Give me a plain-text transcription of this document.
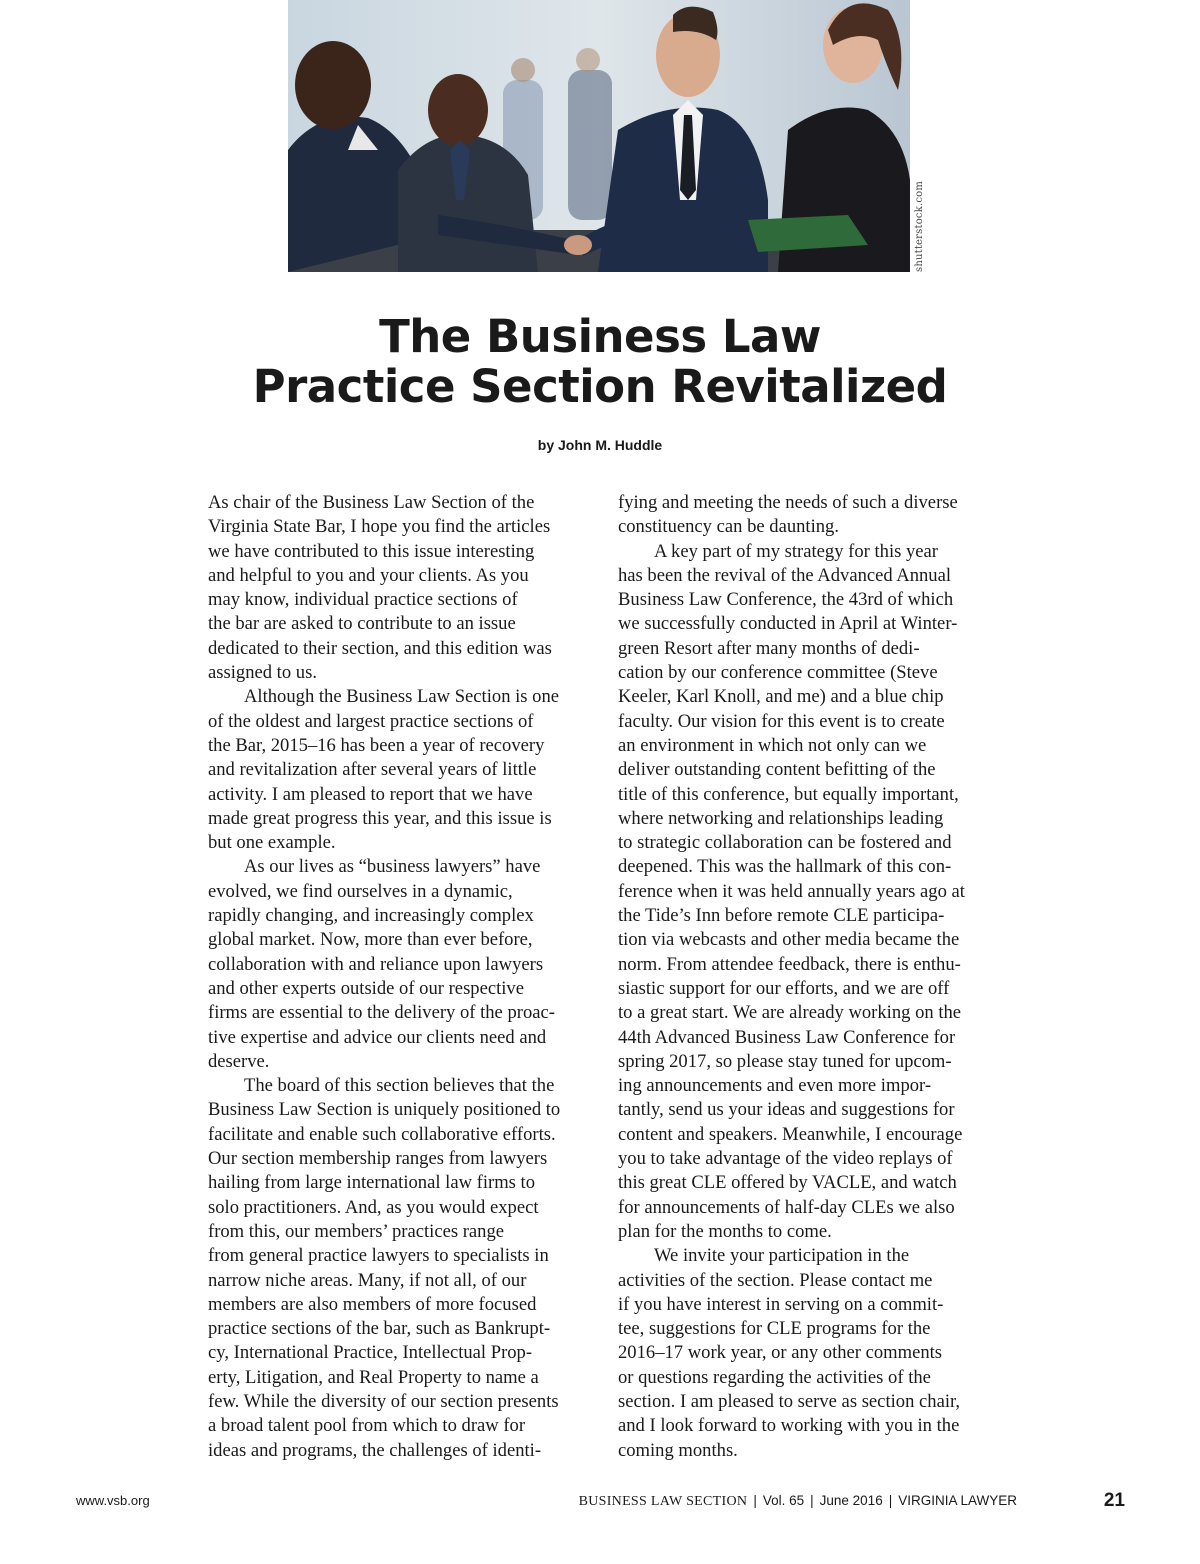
shutterstock.com
The Business Law
Practice Section Revitalized
by John M. Huddle

As chair of the Business Law Section of the
Virginia State Bar, I hope you find the articles
we have contributed to this issue interesting
and helpful to you and your clients. As you
may know, individual practice sections of
the bar are asked to contribute to an issue
dedicated to their section, and this edition was
assigned to us.

Although the Business Law Section is one
of the oldest and largest practice sections of
the Bar, 2015–16 has been a year of recovery
and revitalization after several years of little
activity. I am pleased to report that we have
made great progress this year, and this issue is
but one example.

As our lives as “business lawyers” have
evolved, we find ourselves in a dynamic,
rapidly changing, and increasingly complex
global market. Now, more than ever before,
collaboration with and reliance upon lawyers
and other experts outside of our respective
firms are essential to the delivery of the proac-
tive expertise and advice our clients need and
deserve.

The board of this section believes that the
Business Law Section is uniquely positioned to
facilitate and enable such collaborative efforts.
Our section membership ranges from lawyers
hailing from large international law firms to
solo practitioners. And, as you would expect
from this, our members’ practices range
from general practice lawyers to specialists in
narrow niche areas. Many, if not all, of our
members are also members of more focused
practice sections of the bar, such as Bankrupt-
cy, International Practice, Intellectual Prop-
erty, Litigation, and Real Property to name a
few. While the diversity of our section presents
a broad talent pool from which to draw for
ideas and programs, the challenges of identi-

fying and meeting the needs of such a diverse
constituency can be daunting.

A key part of my strategy for this year
has been the revival of the Advanced Annual
Business Law Conference, the 43rd of which
we successfully conducted in April at Winter-
green Resort after many months of dedi-
cation by our conference committee (Steve
Keeler, Karl Knoll, and me) and a blue chip
faculty. Our vision for this event is to create
an environment in which not only can we
deliver outstanding content befitting of the
title of this conference, but equally important,
where networking and relationships leading
to strategic collaboration can be fostered and
deepened. This was the hallmark of this con-
ference when it was held annually years ago at
the Tide’s Inn before remote CLE participa-
tion via webcasts and other media became the
norm. From attendee feedback, there is enthu-
siastic support for our efforts, and we are off
to a great start. We are already working on the
44th Advanced Business Law Conference for
spring 2017, so please stay tuned for upcom-
ing announcements and even more impor-
tantly, send us your ideas and suggestions for
content and speakers. Meanwhile, I encourage
you to take advantage of the video replays of
this great CLE offered by VACLE, and watch
for announcements of half-day CLEs we also
plan for the months to come.

We invite your participation in the
activities of the section. Please contact me
if you have interest in serving on a commit-
tee, suggestions for CLE programs for the
2016–17 work year, or any other comments
or questions regarding the activities of the
section. I am pleased to serve as section chair,
and I look forward to working with you in the
coming months.

www.vsb.org	BUSINESS LAW SECTION | Vol. 65 | June 2016 | VIRGINIA LAWYER	21
